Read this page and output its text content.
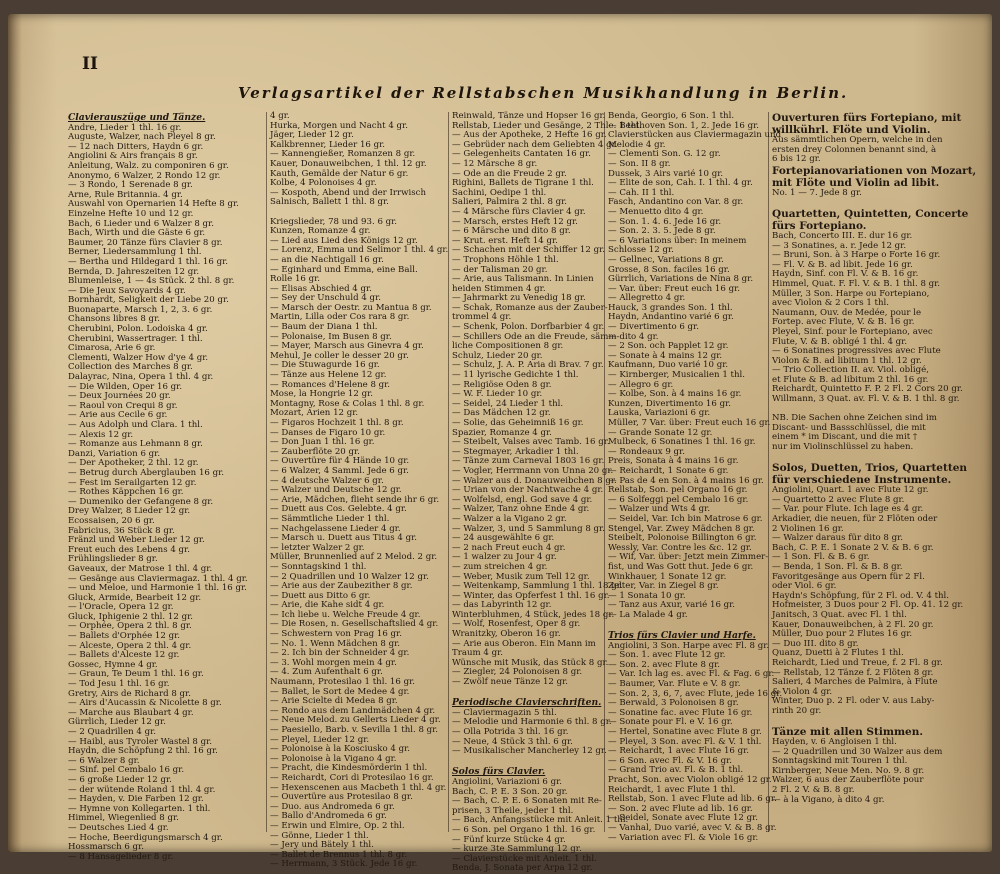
II
Verlagsartikel der Rellstabschen Musikhandlung in Berlin.
Clavierauszüge und Tänze.
Andre, Lieder 1 thl. 16 gr.
Auguste, Walzer, nach Pleyel 8 gr.
— 12 nach Ditters, Haydn 6 gr.
Angiolini & Airs français 8 gr.
Anleitung, Walz. zu componiren 6 gr.
Anonymo, 6 Walzer, 2 Rondo 12 gr.
— 3 Rondo, 1 Serenade 8 gr.
Arne, Rule Britannia. 4 gr.
Auswahl von Opernarien 14 Hefte 8 gr.
Einzelne Hefte 10 und 12 gr.
Bach, 6 Lieder und 6 Walzer 8 gr.
Bach, Wirth und die Gäste 6 gr.
Baumer, 20 Tänze fürs Clavier 8 gr.
Berner, Liedersammlung 1 thl.
— Bertha und Hildegard 1 thl. 16 gr.
Bernda, D. Jahreszeiten 12 gr.
Blumenleise, 1 — 4s Stück. 2 thl. 8 gr.
— Die Jeux Savoyards 4 gr.
Bornhardt, Seligkeit der Liebe 20 gr.
Buonaparte, Marsch 1, 2, 3. 6 gr.
Chansons libres 8 gr.
Cherubini, Polon. Lodoiska 4 gr.
Cherubini, Wassertrager. 1 thl.
Cimarosa, Arie 6 gr.
Clementi, Walzer How d'ye 4 gr.
Collection des Marches 8 gr.
Dalayrac, Nina, Opera 1 thl. 4 gr.
— Die Wilden, Oper 16 gr.
— Deux Journées 20 gr.
— Raoul von Crequi 8 gr.
— Arie aus Cecile 6 gr.
— Aus Adolph und Clara. 1 thl.
— Alexis 12 gr.
— Romanze aus Lehmann 8 gr.
Danzi, Variation 6 gr.
— Der Apotheker, 2 thl. 12 gr.
— Betrug durch Aberglauben 16 gr.
— Fest im Serailgarten 12 gr.
— Rothes Käppchen 16 gr.
— Dumeniko der Gefangene 8 gr.
Drey Walzer, 8 Lieder 12 gr.
Ecossaisen, 20 6 gr.
Fabricius, 36 Stück 8 gr.
Fränzl und Weber Lieder 12 gr.
Freut euch des Lebens 4 gr.
Frühlingslieder 8 gr.
Gaveaux, der Matrose 1 thl. 4 gr.
— Gesänge aus Claviermagaz. 1 thl. 4 gr.
— und Meloe, und Harmonie 1 thl. 16 gr.
Gluck, Armide, Bearbeit 12 gr.
— l'Oracle, Opera 12 gr.
Gluck, Iphigenie 2 thl. 12 gr.
— Orphée, Opera 2 thl. 8 gr.
— Ballets d'Orphée 12 gr.
— Alceste, Opera 2 thl. 4 gr.
— Ballets d'Alceste 12 gr.
Gossec, Hymne 4 gr.
— Graun, Te Deum 1 thl. 16 gr.
— Tod Jesu 1 thl. 16 gr.
Gretry, Airs de Richard 8 gr.
— Airs d'Aucassin & Nicolette 8 gr.
— Marche aus Blaubart 4 gr.
Gürrlich, Lieder 12 gr.
— 2 Quadrillen 4 gr.
— Haibl, aus Tyroler Wastel 8 gr.
Haydn, die Schöpfung 2 thl. 16 gr.
— 6 Walzer 8 gr.
— Sinf. pel Cembalo 16 gr.
— 6 große Lieder 12 gr.
— der wütende Roland 1 thl. 4 gr.
— Hayden, v. Die Farben 12 gr.
— Hymne von Kollegarten. 1 thl.
Himmel, Wiegenlied 8 gr.
— Deutsches Lied 4 gr.
— Hoche, Beerdigungsmarsch 4 gr.
Hossmarsch 6 gr.
— 8 Hansagelieder 8 gr.
4 gr.
Hurka, Morgen und Nacht 4 gr.
Jäger, Lieder 12 gr.
Kalkbrenner, Lieder 16 gr.
— Kannengießer, Romanzen 8 gr.
Kauer, Donauweibchen, 1 thl. 12 gr.
Kauth, Gemälde der Natur 6 gr.
Kolbe, 4 Polonoises 4 gr.
— Kospoth, Abend und der Irrwisch
Salnisch, Ballett 1 thl. 8 gr.
Kriegslieder, 78 und 93. 6 gr.
Kunzen, Romanze 4 gr.
— Lied aus Lied des Königs 12 gr.
— Lorenz, Emma und Selimor 1 thl. 4 gr.
— an die Nachtigall 16 gr.
— Eginhard und Emma, eine Ball.
Rolle 16 gr.
— Elisas Abschied 4 gr.
— Sey der Unschuld 4 gr.
— Marsch der Oestr. zu Mantua 8 gr.
Martin, Lilla oder Cos rara 8 gr.
— Baum der Diana 1 thl.
— Polonaise, Im Busen 8 gr.
— Mayer, Marsch aus Ginevra 4 gr.
Mehul, Je coller le desser 20 gr.
— Die Stuwagurde 16 gr.
— Tänze aus Helene 12 gr.
— Romances d'Helene 8 gr.
Mose, la Hongrie 12 gr.
Montagny, Rose & Colas 1 thl. 8 gr.
Mozart, Arien 12 gr.
— Figaros Hochzeit 1 thl. 8 gr.
— Danses de Figaro 10 gr.
— Don Juan 1 thl. 16 gr.
— Zauberflöte 20 gr.
— Ouvertüre für 4 Hände 10 gr.
— 6 Walzer, 4 Samml. Jede 6 gr.
— 4 deutsche Walzer 6 gr.
— Walzer und Deutsche 12 gr.
— Arie, Mädchen, flieht sende ihr 6 gr.
— Duett aus Cos. Gelebte. 4 gr.
— Sämmtliche Lieder 1 thl.
— Nachgelassene Lieder 4 gr.
— Marsch u. Duett aus Titus 4 gr.
— letzter Walzer 2 gr.
Müller, Brunnenlied auf 2 Melod. 2 gr.
— Sonntagskind 1 thl.
— 2 Quadrillen und 10 Walzer 12 gr.
— Arie aus der Zaubezither 8 gr.
— Duett aus Ditto 6 gr.
— Arie, die Kahe sidt 4 gr.
— Ich liebe u. Welche Freude 4 gr.
— Die Rosen, n. Gesellschaftslied 4 gr.
— Schwestern von Prag 16 gr.
— No. 1. Wenn Mädchen 8 gr.
— 2. Ich bin der Schneider 4 gr.
— 3. Wohl morgen mein 4 gr.
— 4. Zum Aufenthalt 6 gr.
Naumann, Protesilao 1 thl. 16 gr.
— Ballet, le Sort de Medee 4 gr.
— Arie Scielte di Medea 8 gr.
— Rondo aus dem Landmädchen 4 gr.
— Neue Melod. zu Gellerts Lieder 4 gr.
— Paesiello, Barb. v. Sevilla 1 thl. 8 gr.
— Pleyel, Lieder 12 gr.
— Polonoise à la Kosciusko 4 gr.
— Polonoise à la Vigano 4 gr.
— Pracht, die Kindesmörderin 1 thl.
— Reichardt, Cori di Protesilao 16 gr.
— Hexenscenen aus Macbeth 1 thl. 4 gr.
— Ouvertüre aus Protesilao 8 gr.
— Duo. aus Andromeda 6 gr.
— Ballo d'Andromeda 6 gr.
— Erwin und Elmire, Op. 2 thl.
— Gönne, Lieder 1 thl.
— Jery und Bätely 1 thl.
— Ballet de Brennus 1 thl. 8 gr.
— Herrmann, 3 Stück. Jede 16 gr.
Reinwald, Tänze und Hopser 16 gr.
Rellstab, Lieder und Gesänge, 2 Thle. 1 thl.
— Aus der Apotheke, 2 Hefte 16 gr.
— Gebrüder nach dem Geliebten 4 gr.
— Gelegenheits Cantaten 16 gr.
— 12 Märsche 8 gr.
— Ode an die Freude 2 gr.
Righini, Ballets de Tigrane 1 thl.
Sachini, Oedipe 1 thl.
Salieri, Palmira 2 thl. 8 gr.
— 4 Märsche fürs Clavier 4 gr.
— Marsch, erstes Heft 12 gr.
— 6 Märsche und dito 8 gr.
— Krut. erst. Heft 14 gr.
— Schachen mit der Schiffer 12 gr.
— Trophons Höhle 1 thl.
— der Talisman 20 gr.
— Arie, aus Talismann. In Linien
heiden Stimmen 4 gr.
— Jahrmarkt zu Venedig 18 gr.
— Schak, Romanze aus der Zauber-
trommel 4 gr.
— Schenk, Polon. Dorfbarbier 4 gr.
— Schillers Ode an die Freude, sämm-
liche Compositionen 8 gr.
Schulz, Lieder 20 gr.
— Schulz, J. A. P. Aria di Brav. 7 gr.
— 11 lyrische Gedichte 1 thl.
— Religiöse Oden 8 gr.
— W. F. Lieder 10 gr.
— Seidel, 24 Lieder 1 thl.
— Das Mädchen 12 gr.
— Solie, das Geheimniß 16 gr.
Spazier, Romanze 4 gr.
— Steibelt, Valses avec Tamb. 16 gr.
— Stegmayer, Arkadier 1 thl.
— Tänze zum Carneval 1803 16 gr.
— Vogler, Herrmann von Unna 20 gr.
— Walzer aus d. Donauweibchen 8 gr.
— Urian von der Nachtwache 4 gr.
— Wolfelsd, engl. God save 4 gr.
— Walzer, Tanz ohne Ende 4 gr.
— Walzer a la Vigano 2 gr.
— Walzer, 3, und 5 Sammlung 8 gr.
— 24 ausgewählte 6 gr.
— 2 nach Freut euch 4 gr.
— 1 walzer zu Jour 4 gr.
— zum streichen 4 gr.
— Weber, Musik zum Tell 12 gr.
— Weitenkamp, Sammlung 1 thl. 18 gr.
— Winter, das Opferfest 1 thl. 16 gr.
— das Labyrinth 12 gr.
Winterbluhmen, 4 Stück, jedes 18 gr.
— Wolf, Rosenfest, Oper 8 gr.
Wranitzky, Oberon 16 gr.
— Arie aus Oberon. Ein Mann im
Traum 4 gr.
Wünsche mit Musik, das Stück 8 gr.
— Ziegler, 24 Polonoisen 8 gr.
— Zwölf neue Tänze 12 gr.
Periodische Clavierschriften.
— Claviermagazin 5 thl.
— Melodie und Harmonie 6 thl. 8 gr.
— Olla Potrida 3 thl. 16 gr.
— Neue, 4 Stück 3 thl. 6 gr.
— Musikalischer Mancherley 12 gr.
Solos fürs Clavier.
Angiolini, Variazioni 6 gr.
Bach, C. P. E. 3 Son. 20 gr.
— Bach, C. P. E. 6 Sonaten mit Re-
prisen, 3 Theile, jeder 1 thl.
— Bach, Anfangsstücke mit Anleit. 1 thl.
— 6 Son. pel Organo 1 thl. 16 gr.
— Fünf kurze Stücke 4 gr.
— kurze 3te Sammlung 12 gr.
— Clavierstücke mit Anleit. 1 thl.
Benda, J. Sonata per Arpa 12 gr.
Benda, Georgio, 6 Son. 1 thl.
— Beethoven Son. 1, 2. Jede 16 gr.
Clavierstücken aus Claviermagazin und
Melodie 4 gr.
— Clementi Son. G. 12 gr.
— Son. II 8 gr.
Dussek, 3 Airs varié 10 gr.
— Elite de son, Cah. I. 1 thl. 4 gr.
— Cah. II 1 thl.
Fasch, Andantino con Var. 8 gr.
— Menuetto dito 4 gr.
— Son. 1. 4. 6. Jede 16 gr.
— Son. 2. 3. 5. Jede 8 gr.
— 6 Variations über: In meinem
Schlosse 12 gr.
— Gellnec, Variations 8 gr.
Grosse, 8 Son. faciles 16 gr.
Gürrlich, Variations de Nina 8 gr.
— Var. über: Freut euch 16 gr.
— Allegretto 4 gr.
Hauck, 3 grandes Son. 1 thl.
Haydn, Andantino varié 6 gr.
— Divertimento 6 gr.
— dito 4 gr.
— 2 Son. och Papplet 12 gr.
— Sonate à 4 mains 12 gr.
Kaufmann, Duo varié 10 gr.
— Kirnberger, Musicalien 1 thl.
— Allegro 6 gr.
— Kolbe, Son. à 4 mains 16 gr.
Kunzen, Divertimento 16 gr.
Lauska, Variazioni 6 gr.
Müller, 7 Var. über: Freut euch 16 gr.
— Grande Sonate 12 gr.
Mulbeck, 6 Sonatines 1 thl. 16 gr.
— Rondeaux 9 gr.
Preis, Sonata à 4 mains 16 gr.
— Reichardt, 1 Sonate 6 gr.
— Pas de 4 en Son. à 4 mains 16 gr.
Rellstab, Son. pel Organo 16 gr.
— 6 Solfeggi pel Cembalo 16 gr.
— Walzer und Wts 4 gr.
— Seidel, Var. Ich bin Matrose 6 gr.
Stengel, Var. Zwey Mädchen 8 gr.
Steibelt, Polonoise Billington 6 gr.
Wessly, Var. Contre les &c. 12 gr.
— Wif, Var. über: Jetzt mein Zimmer-
fist, und Was Gott thut. Jede 6 gr.
Winkhauer, 1 Sonate 12 gr.
Zelter, Var. in Ziegel 8 gr.
— 1 Sonata 10 gr.
— Tanz aus Axur, varié 16 gr.
— La Malade 4 gr.
Trios fürs Clavier und Harfe.
Angiolini, 3 Son. Harpe avec Fl. 8 gr.
— Son. 1. avec Flute 12 gr.
— Son. 2. avec Flute 8 gr.
— Var. Ich lag es. avec Fl. & Fag. 6 gr.
— Baumer, Var. Flute e V. 8 gr.
— Son. 2, 3, 6, 7, avec Flute, jede 16 gr.
— Berwald, 3 Polonoisen 8 gr.
— Sonatine fac. avec Flute 16 gr.
— Sonate pour Fl. e V. 16 gr.
— Hertel, Sonatine avec Flute 8 gr.
— Pleyel, 3 Son. avec Fl. & V. 1 thl.
— Reichardt, 1 avec Flute 16 gr.
— 6 Son. avec Fl. & V. 16 gr.
— Grand Trio av. Fl. & B. 1 thl.
Pracht, Son. avec Violon obligé 12 gr.
Reichardt, 1 avec Flute 1 thl.
Rellstab, Son. 1 avec Flute ad lib. 6 gr.
— Son. 2 avec Flute ad lib. 16 gr.
— Seidel, Sonate avec Flute 12 gr.
— Vanhal, Duo varié, avec V. & B. 8 gr.
— Variation avec Fl. & Viole 16 gr.
Ouverturen fürs Fortepiano, mit
willkührl. Flöte und Violin.
Aus sämmtlichen Opern, welche in den
ersten drey Colonnen benannt sind, à
6 bis 12 gr.
Fortepianovariationen von Mozart,
mit Flöte und Violin ad libit.
No. 1 — 7. Jede 8 gr.
Quartetten, Quintetten, Concerte
fürs Fortepiano.
Bach, Concerto III. E. dur 16 gr.
— 3 Sonatines, a. r. Jede 12 gr.
— Bruni, Son. à 3 Harpe o Forte 16 gr.
— Fl. V. & B. ad libit. Jede 16 gr.
Haydn, Sinf. con Fl. V. & B. 16 gr.
Himmel, Quat. F. Fl. V. & B. 1 thl. 8 gr.
Müller, 3 Son. Harpe ou Fortepiano,
avec Violon & 2 Cors 1 thl.
Naumann, Ouv. de Medée, pour le
Fortep. avec Flute, V. & B. 16 gr.
Pleyel, Sinf. pour le Fortepiano, avec
Flute, V. & B. obligé 1 thl. 4 gr.
— 6 Sonatines progressives avec Flute
Violon & B. ad libitum 1 thl. 12 gr.
— Trio Collection II. av. Viol. obligé,
et Flute & B. ad libitum 2 thl. 16 gr.
Reichardt, Quintetto F. P. 2 Fl. 2 Cors 20 gr.
Willmann, 3 Quat. av. Fl. V. & B. 1 thl. 8 gr.
NB. Die Sachen ohne Zeichen sind im
Discant- und Bassschlüssel, die mit
einem * im Discant, und die mit †
nur im Violinschlüssel zu haben.
Solos, Duetten, Trios, Quartetten
für verschiedene Instrumente.
Angiolini, Quart. 1 avec Flute 12 gr.
— Quartetto 2 avec Flute 8 gr.
— Var. pour Flute. Ich lage es 4 gr.
Arkadier, die neuen, für 2 Flöten oder
2 Violinen 16 gr.
— Walzer daraus für dito 8 gr.
Bach, C. P. E. 1 Sonate 2 V. & B. 6 gr.
— 1 Son. Fl. & B. 6 gr.
— Benda, 1 Son. Fl. & B. 8 gr.
Favoritgesänge aus Opern für 2 Fl.
oder Viol. 6 gr.
Haydn's Schöpfung, für 2 Fl. od. V. 4 thl.
Hofmeister, 3 Duos pour 2 Fl. Op. 41. 12 gr.
Janitsch, 3 Quat. avec Fl. 1 thl.
Kauer, Donauweibchen, à 2 Fl. 20 gr.
Müller, Duo pour 2 Flutes 16 gr.
— Duo III. dito 8 gr.
Quanz, Duetti à 2 Flutes 1 thl.
Reichardt, Lied und Treue, f. 2 Fl. 8 gr.
— Rellstab, 12 Tänze f. 2 Flöten 8 gr.
Salieri, 4 Marches de Palmira, à Flute
& Violon 4 gr.
Winter, Duo p. 2 Fl. oder V. aus Laby-
rinth 20 gr.
Tänze mit allen Stimmen.
Hayden, v. 6 Angloisen 1 thl.
— 2 Quadrillen und 30 Walzer aus dem
Sonntagskind mit Touren 1 thl.
Kirnberger, Neue Men. No. 9. 8 gr.
Walzer, 6 aus der Zauberflöte pour
2 Fl. 2 V. & B. 8 gr.
— à la Vigano, à dito 4 gr.
